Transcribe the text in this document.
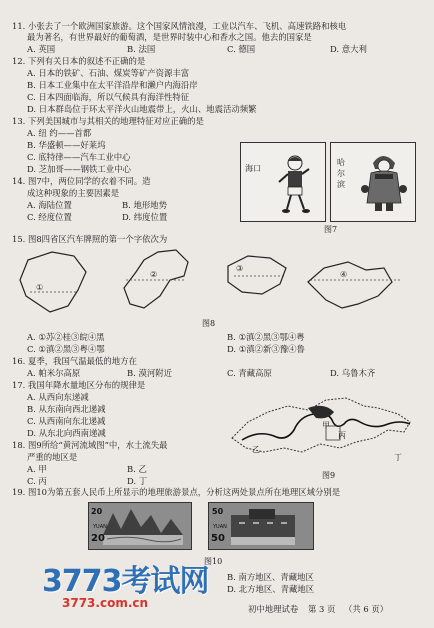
11. 小张去了一个欧洲国家旅游。这个国家风情浪漫，工业以汽车、飞机、高速铁路和核电
最为著名，有世界最好的葡萄酒，是世界时装中心和香水之国。他去的国家是
A. 英国	B. 法国	C. 德国	D. 意大利
12. 下列有关日本的叙述不正确的是
A. 日本的铁矿、石油、煤炭等矿产资源丰富
B. 日本工业集中在太平洋沿岸和濑户内海沿岸
C. 日本四面临海，所以气候具有海洋性特征
D. 日本群岛位于环太平洋火山地震带上，火山、地震活动频繁
13. 下列美国城市与其相关的地理特征对应正确的是
A. 纽 约——首都
B. 华盛顿——好莱坞
C. 底特律——汽车工业中心
D. 芝加哥——钢铁工业中心
14. 图7中，两位同学的衣着不同。造
成这种现象的主要因素是
A. 海陆位置	B. 地形地势
C. 经度位置	D. 纬度位置
海口
哈
尔
滨
图7
15. 图8四省区汽车牌照的第一个字依次为
①
②
③
④
图8
A. ①苏②桂③皖④黑	B. ①滇②黑③鄂④粤
C. ①滇②黑③粤④鄂	D. ①滇②新③豫④鲁
16. 夏季，我国气温最低的地方在
A. 帕米尔高原	B. 漠河附近	C. 青藏高原	D. 乌鲁木齐
17. 我国年降水量地区分布的规律是
A. 从西向东递减
B. 从东南向西北递减
C. 从西南向东北递减
D. 从东北向西南递减
18. 图9所给“黄河流域图”中，水土流失最
严重的地区是
A. 甲	B. 乙
C. 丙	D. 丁
甲
乙
丙
丁
图9
19. 图10为第五套人民币上所显示的地理旅游景点，分析这两处景点所在地理区域分别是
20
20
YUAN
50
50
YUAN
图10
B. 南方地区、青藏地区
D. 北方地区、青藏地区
3773考试网
3773.com.cn	初中地理试卷 第 3 页 （共 6 页）
